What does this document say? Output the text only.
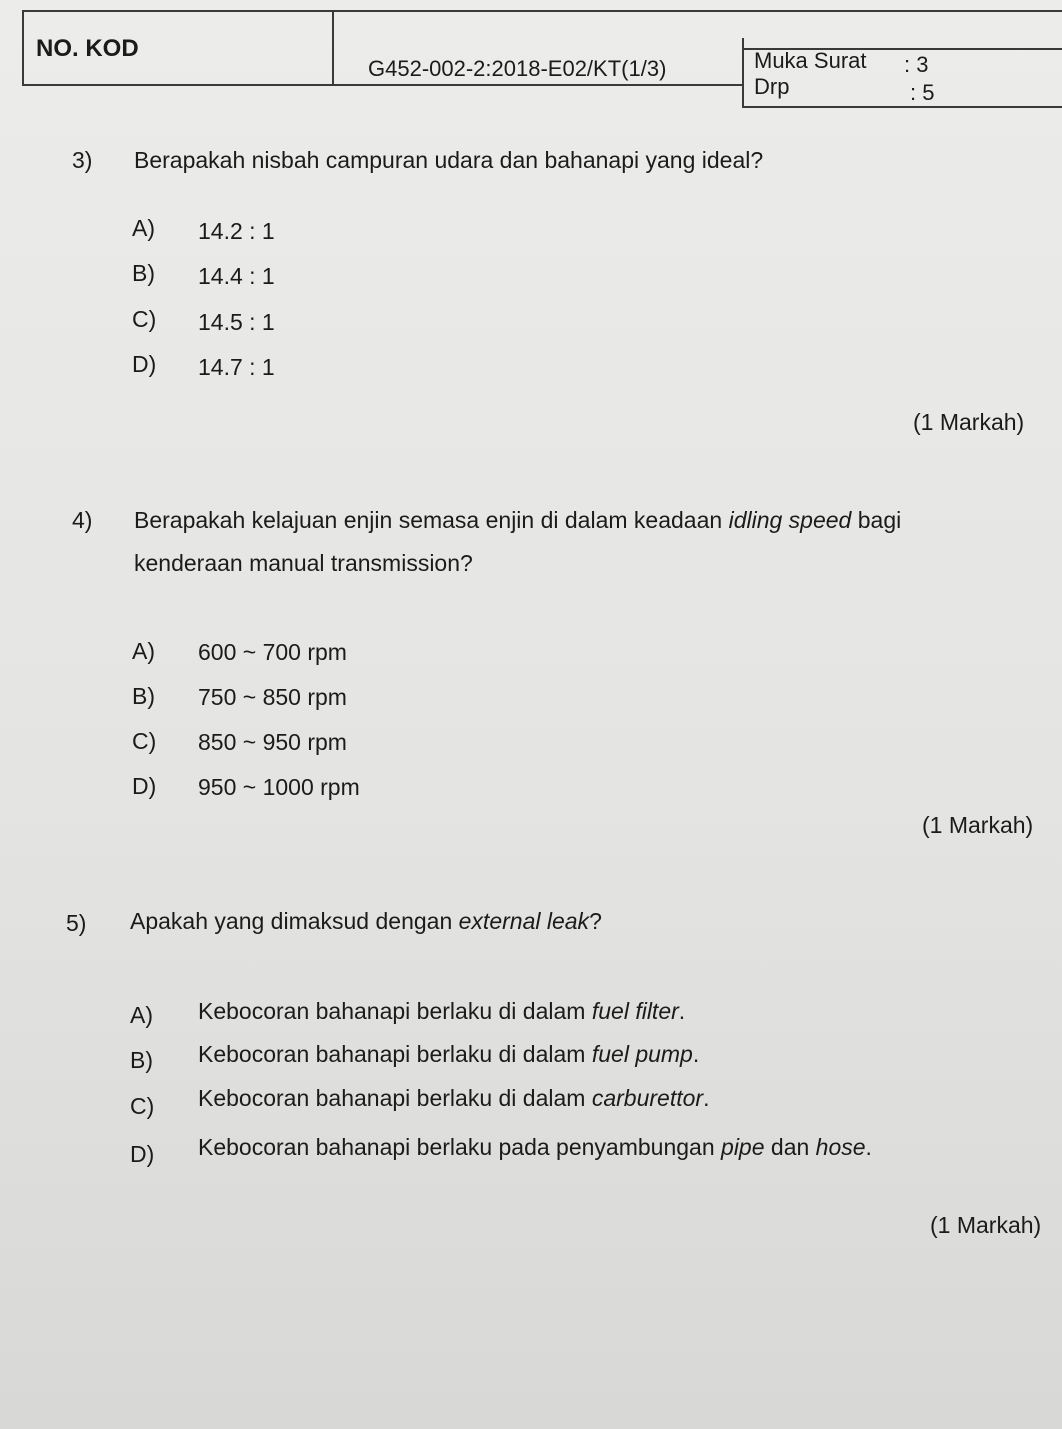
NO. KOD
G452-002-2:2018-E02/KT(1/3)	Muka Surat : 3
Drp	: 5
3) Berapakah nisbah campuran udara dan bahanapi yang ideal?
A) 14.2 : 1
B) 14.4 : 1
C) 14.5 : 1
D) 14.7 : 1
(1 Markah)
4) Berapakah kelajuan enjin semasa enjin di dalam keadaan idling speed bagi
kenderaan manual transmission?
A) 600 ~ 700 rpm
B) 750 ~ 850 rpm
C) 850 ~ 950 rpm
D) 950 ~ 1000 rpm
(1 Markah)
5) Apakah yang dimaksud dengan external leak?
A) Kebocoran bahanapi berlaku di dalam fuel filter.
B) Kebocoran bahanapi berlaku di dalam fuel pump.
C) Kebocoran bahanapi berlaku di dalam carburettor.
D) Kebocoran bahanapi berlaku pada penyambungan pipe dan hose.
(1 Markah)
